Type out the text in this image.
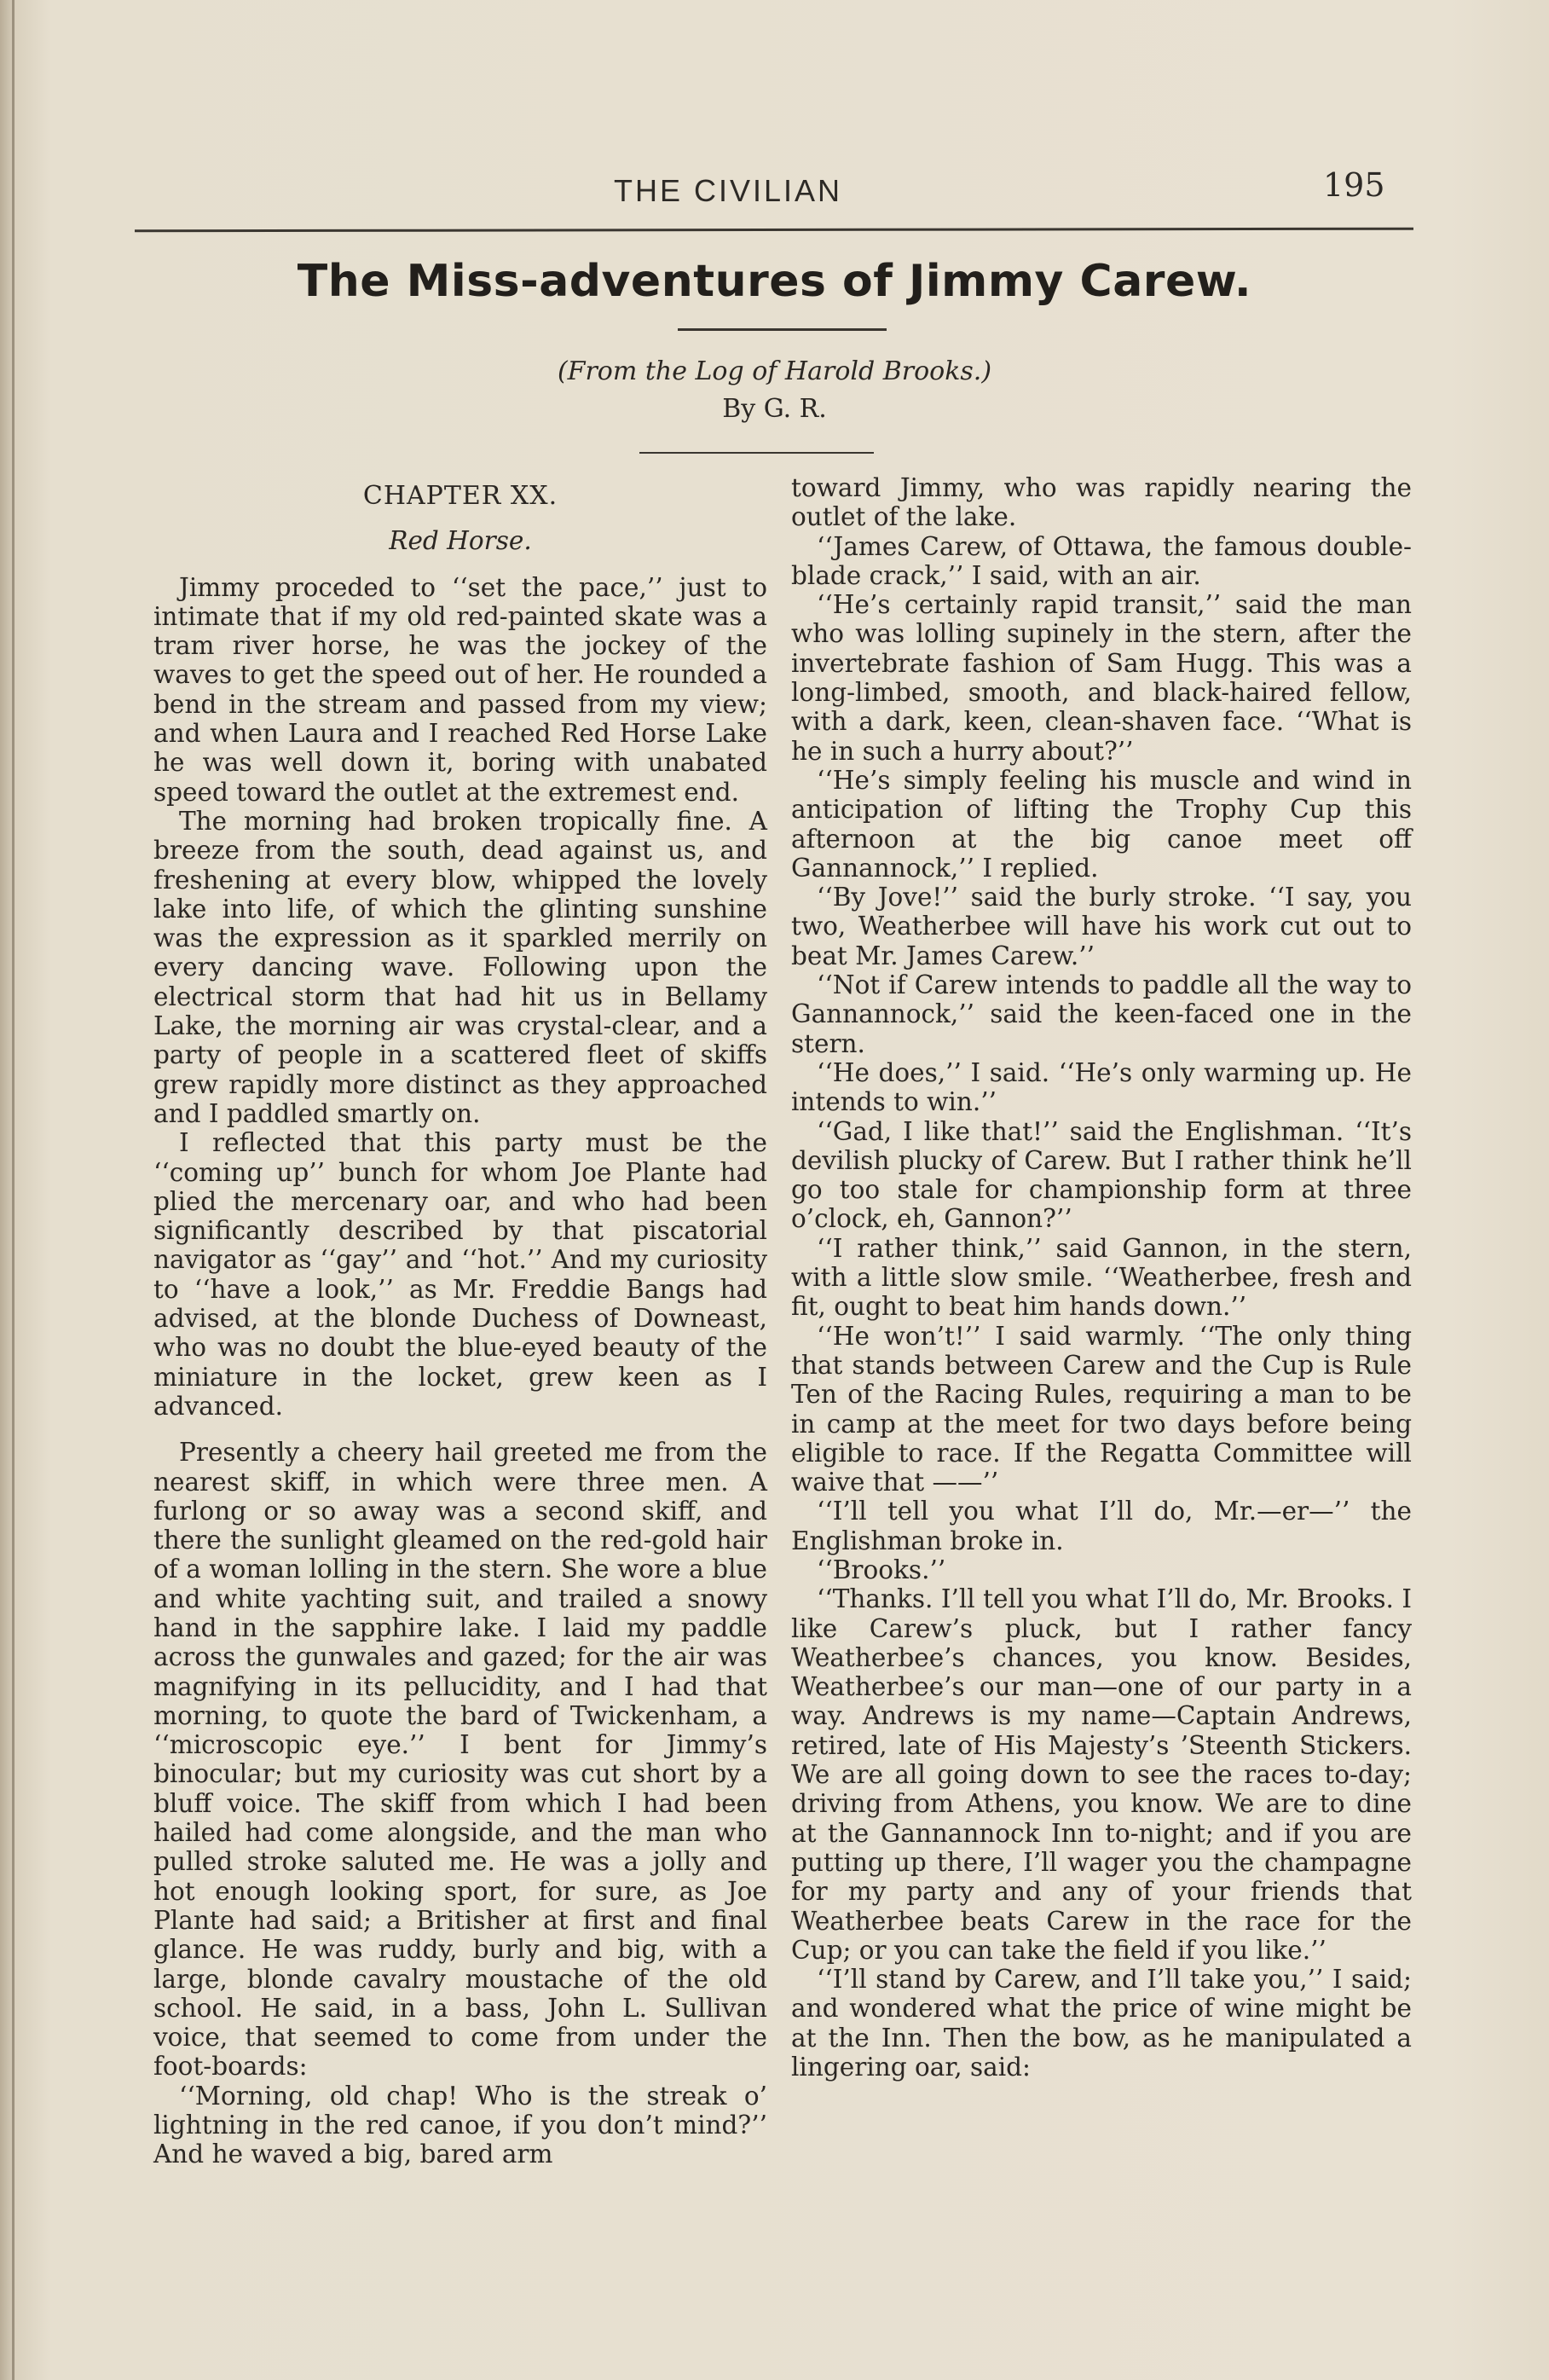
THE CIVILIAN	195
The Miss-adventures of Jimmy Carew.
(From the Log of Harold Brooks.)
By G. R.

CHAPTER XX.

Red Horse.

Jimmy proceded to ‘‘set the pace,’’ just to intimate that if my old red-painted skate was a tram river horse, he was the jockey of the waves to get the speed out of her. He rounded a bend in the stream and passed from my view; and when Laura and I reached Red Horse Lake he was well down it, boring with unabated speed toward the outlet at the extremest end.

The morning had broken tropically fine. A breeze from the south, dead against us, and freshening at every blow, whipped the lovely lake into life, of which the glinting sunshine was the expression as it sparkled merrily on every dancing wave. Following upon the electrical storm that had hit us in Bellamy Lake, the morning air was crystal-clear, and a party of people in a scattered fleet of skiffs grew rapidly more distinct as they approached and I paddled smartly on.

I reflected that this party must be the ‘‘coming up’’ bunch for whom Joe Plante had plied the mercenary oar, and who had been significantly described by that piscatorial navigator as ‘‘gay’’ and ‘‘hot.’’ And my curiosity to ‘‘have a look,’’ as Mr. Freddie Bangs had advised, at the blonde Duchess of Downeast, who was no doubt the blue-eyed beauty of the miniature in the locket, grew keen as I advanced.

Presently a cheery hail greeted me from the nearest skiff, in which were three men. A furlong or so away was a second skiff, and there the sunlight gleamed on the red-gold hair of a woman lolling in the stern. She wore a blue and white yachting suit, and trailed a snowy hand in the sapphire lake. I laid my paddle across the gunwales and gazed; for the air was magnifying in its pellucidity, and I had that morning, to quote the bard of Twickenham, a ‘‘microscopic eye.’’ I bent for Jimmy’s binocular; but my curiosity was cut short by a bluff voice. The skiff from which I had been hailed had come alongside, and the man who pulled stroke saluted me. He was a jolly and hot enough looking sport, for sure, as Joe Plante had said; a Britisher at first and final glance. He was ruddy, burly and big, with a large, blonde cavalry moustache of the old school. He said, in a bass, John L. Sullivan voice, that seemed to come from under the foot-boards:

‘‘Morning, old chap! Who is the streak o’ lightning in the red canoe, if you don’t mind?’’ And he waved a big, bared arm

toward Jimmy, who was rapidly nearing the outlet of the lake.

‘‘James Carew, of Ottawa, the famous double-blade crack,’’ I said, with an air.

‘‘He’s certainly rapid transit,’’ said the man who was lolling supinely in the stern, after the invertebrate fashion of Sam Hugg. This was a long-limbed, smooth, and black-haired fellow, with a dark, keen, clean-shaven face. ‘‘What is he in such a hurry about?’’

‘‘He’s simply feeling his muscle and wind in anticipation of lifting the Trophy Cup this afternoon at the big canoe meet off Gannannock,’’ I replied.

‘‘By Jove!’’ said the burly stroke. ‘‘I say, you two, Weatherbee will have his work cut out to beat Mr. James Carew.’’

‘‘Not if Carew intends to paddle all the way to Gannannock,’’ said the keen-faced one in the stern.

‘‘He does,’’ I said. ‘‘He’s only warming up. He intends to win.’’

‘‘Gad, I like that!’’ said the Englishman. ‘‘It’s devilish plucky of Carew. But I rather think he’ll go too stale for championship form at three o’clock, eh, Gannon?’’

‘‘I rather think,’’ said Gannon, in the stern, with a little slow smile. ‘‘Weatherbee, fresh and fit, ought to beat him hands down.’’

‘‘He won’t!’’ I said warmly. ‘‘The only thing that stands between Carew and the Cup is Rule Ten of the Racing Rules, requiring a man to be in camp at the meet for two days before being eligible to race. If the Regatta Committee will waive that ——’’

‘‘I’ll tell you what I’ll do, Mr.—er—’’ the Englishman broke in.

‘‘Brooks.’’

‘‘Thanks. I’ll tell you what I’ll do, Mr. Brooks. I like Carew’s pluck, but I rather fancy Weatherbee’s chances, you know. Besides, Weatherbee’s our man—one of our party in a way. Andrews is my name—Captain Andrews, retired, late of His Majesty’s ’Steenth Stickers. We are all going down to see the races to-day; driving from Athens, you know. We are to dine at the Gannannock Inn to-night; and if you are putting up there, I’ll wager you the champagne for my party and any of your friends that Weatherbee beats Carew in the race for the Cup; or you can take the field if you like.’’

‘‘I’ll stand by Carew, and I’ll take you,’’ I said; and wondered what the price of wine might be at the Inn. Then the bow, as he manipulated a lingering oar, said:
